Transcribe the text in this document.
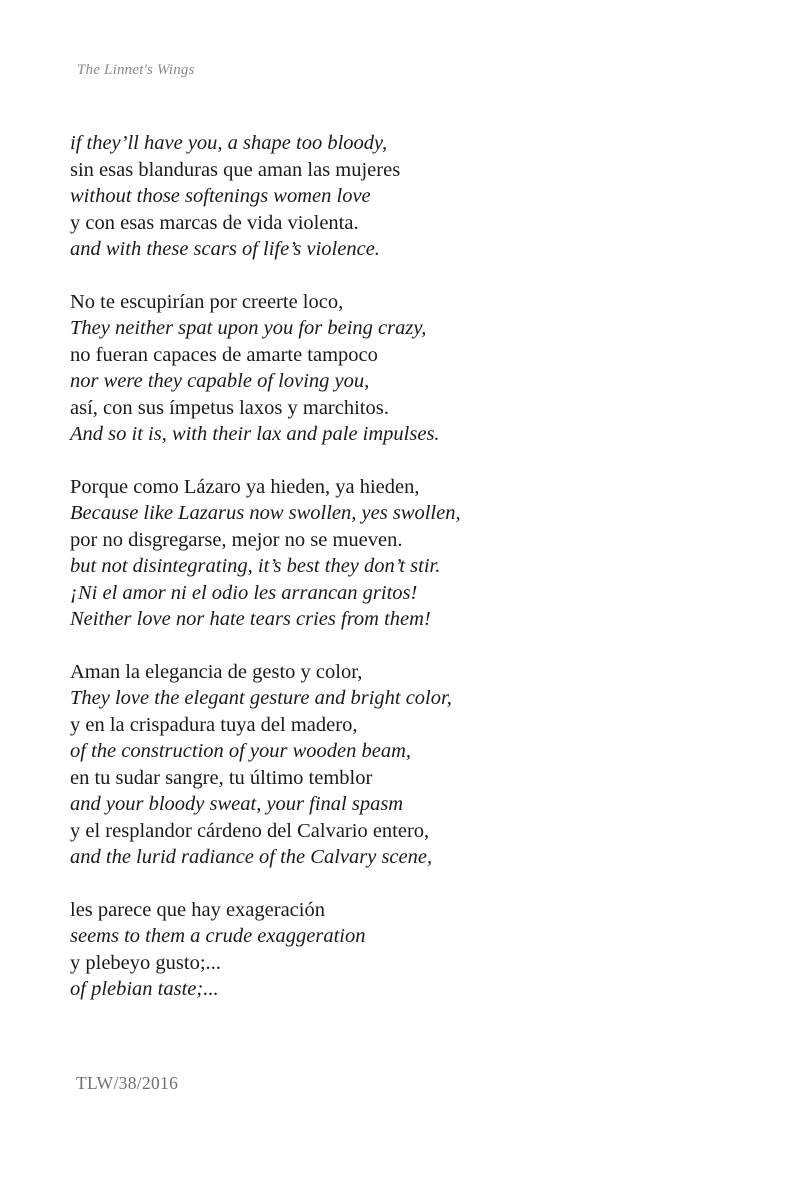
The Linnet's Wings
if they’ll have you, a shape too bloody,
sin esas blanduras que aman las mujeres
without those softenings women love
y con esas marcas de vida violenta.
and with these scars of life’s violence.
No te escupirían por creerte loco,
They neither spat upon you for being crazy,
no fueran capaces de amarte tampoco
nor were they capable of loving you,
así, con sus ímpetus laxos y marchitos.
And so it is, with their lax and pale impulses.
Porque como Lázaro ya hieden, ya hieden,
Because like Lazarus now swollen, yes swollen,
por no disgregarse, mejor no se mueven.
but not disintegrating, it’s best they don’t stir.
¡Ni el amor ni el odio les arrancan gritos!
Neither love nor hate tears cries from them!
Aman la elegancia de gesto y color,
They love the elegant gesture and bright color,
y en la crispadura tuya del madero,
of the construction of your wooden beam,
en tu sudar sangre, tu último temblor
and your bloody sweat, your final spasm
y el resplandor cárdeno del Calvario entero,
and the lurid radiance of the Calvary scene,
les parece que hay exageración
seems to them a crude exaggeration
y plebeyo gusto;...
of plebian taste;...
TLW/38/2016
